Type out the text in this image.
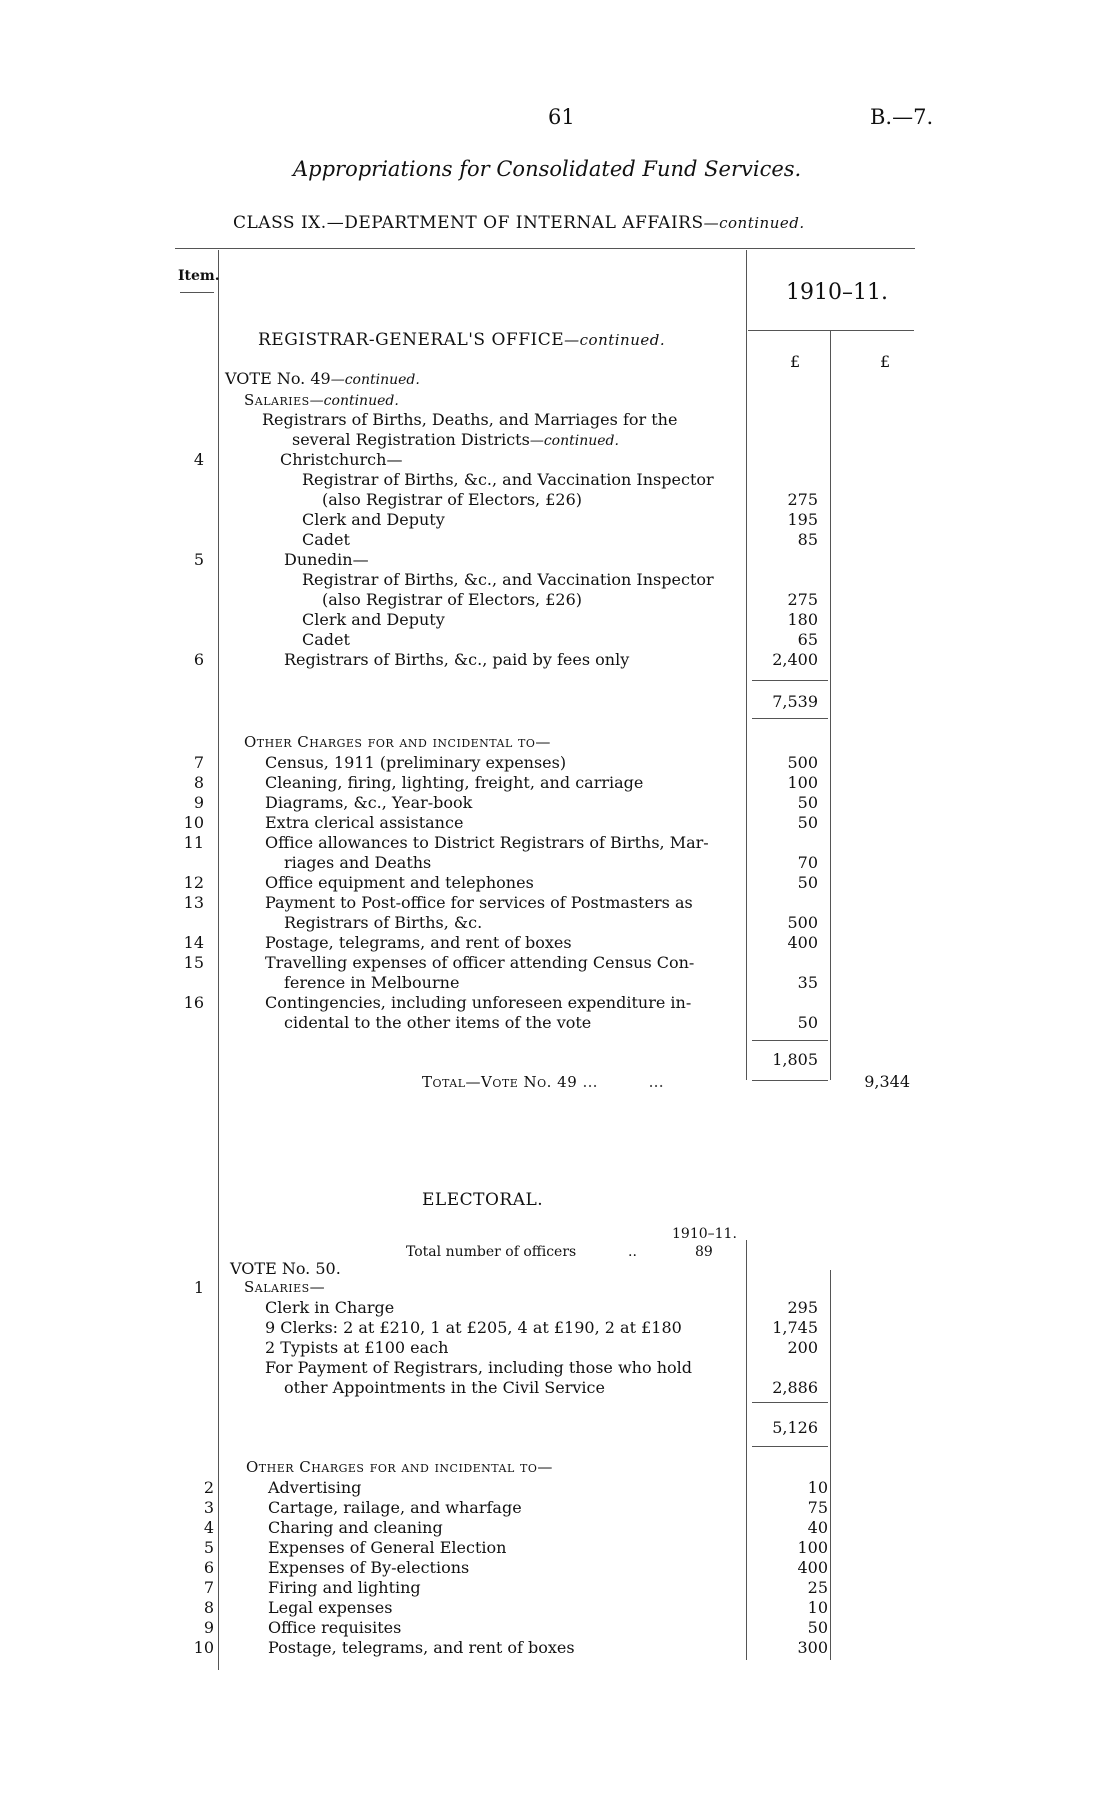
61	B.—7.
Appropriations for Consolidated Fund Services.
CLASS IX.—DEPARTMENT OF INTERNAL AFFAIRS—continued.
Item.
1910–11.
£	£
REGISTRAR-GENERAL'S OFFICE—continued.
VOTE No. 49—continued.
Salaries—continued.
Registrars of Births, Deaths, and Marriages for the
several Registration Districts—continued.
4	Christchurch—
Registrar of Births, &c., and Vaccination Inspector
(also Registrar of Electors, £26)	275
Clerk and Deputy	195
Cadet	85
5	Dunedin—
Registrar of Births, &c., and Vaccination Inspector
(also Registrar of Electors, £26)	275
Clerk and Deputy	180
Cadet	65
6	Registrars of Births, &c., paid by fees only	2,400
7,539
Other Charges for and incidental to—
7	Census, 1911 (preliminary expenses)	500
8	Cleaning, firing, lighting, freight, and carriage	100
9	Diagrams, &c., Year-book	50
10	Extra clerical assistance	50
11	Office allowances to District Registrars of Births, Mar-
riages and Deaths	70
12	Office equipment and telephones	50
13	Payment to Post-office for services of Postmasters as
Registrars of Births, &c.	500
14	Postage, telegrams, and rent of boxes	400
15	Travelling expenses of officer attending Census Con-
ference in Melbourne	35
16	Contingencies, including unforeseen expenditure in-
cidental to the other items of the vote	50
1,805
Total—Vote No. 49 ...          ...	9,344
ELECTORAL.
1910–11.
Total number of officers	..	89
VOTE No. 50.
1	Salaries—
Clerk in Charge	295
9 Clerks: 2 at £210, 1 at £205, 4 at £190, 2 at £180	1,745
2 Typists at £100 each	200
For Payment of Registrars, including those who hold
other Appointments in the Civil Service	2,886
5,126
Other Charges for and incidental to—
2	Advertising	10
3	Cartage, railage, and wharfage	75
4	Charing and cleaning	40
5	Expenses of General Election	100
6	Expenses of By-elections	400
7	Firing and lighting	25
8	Legal expenses	10
9	Office requisites	50
10	Postage, telegrams, and rent of boxes	300
